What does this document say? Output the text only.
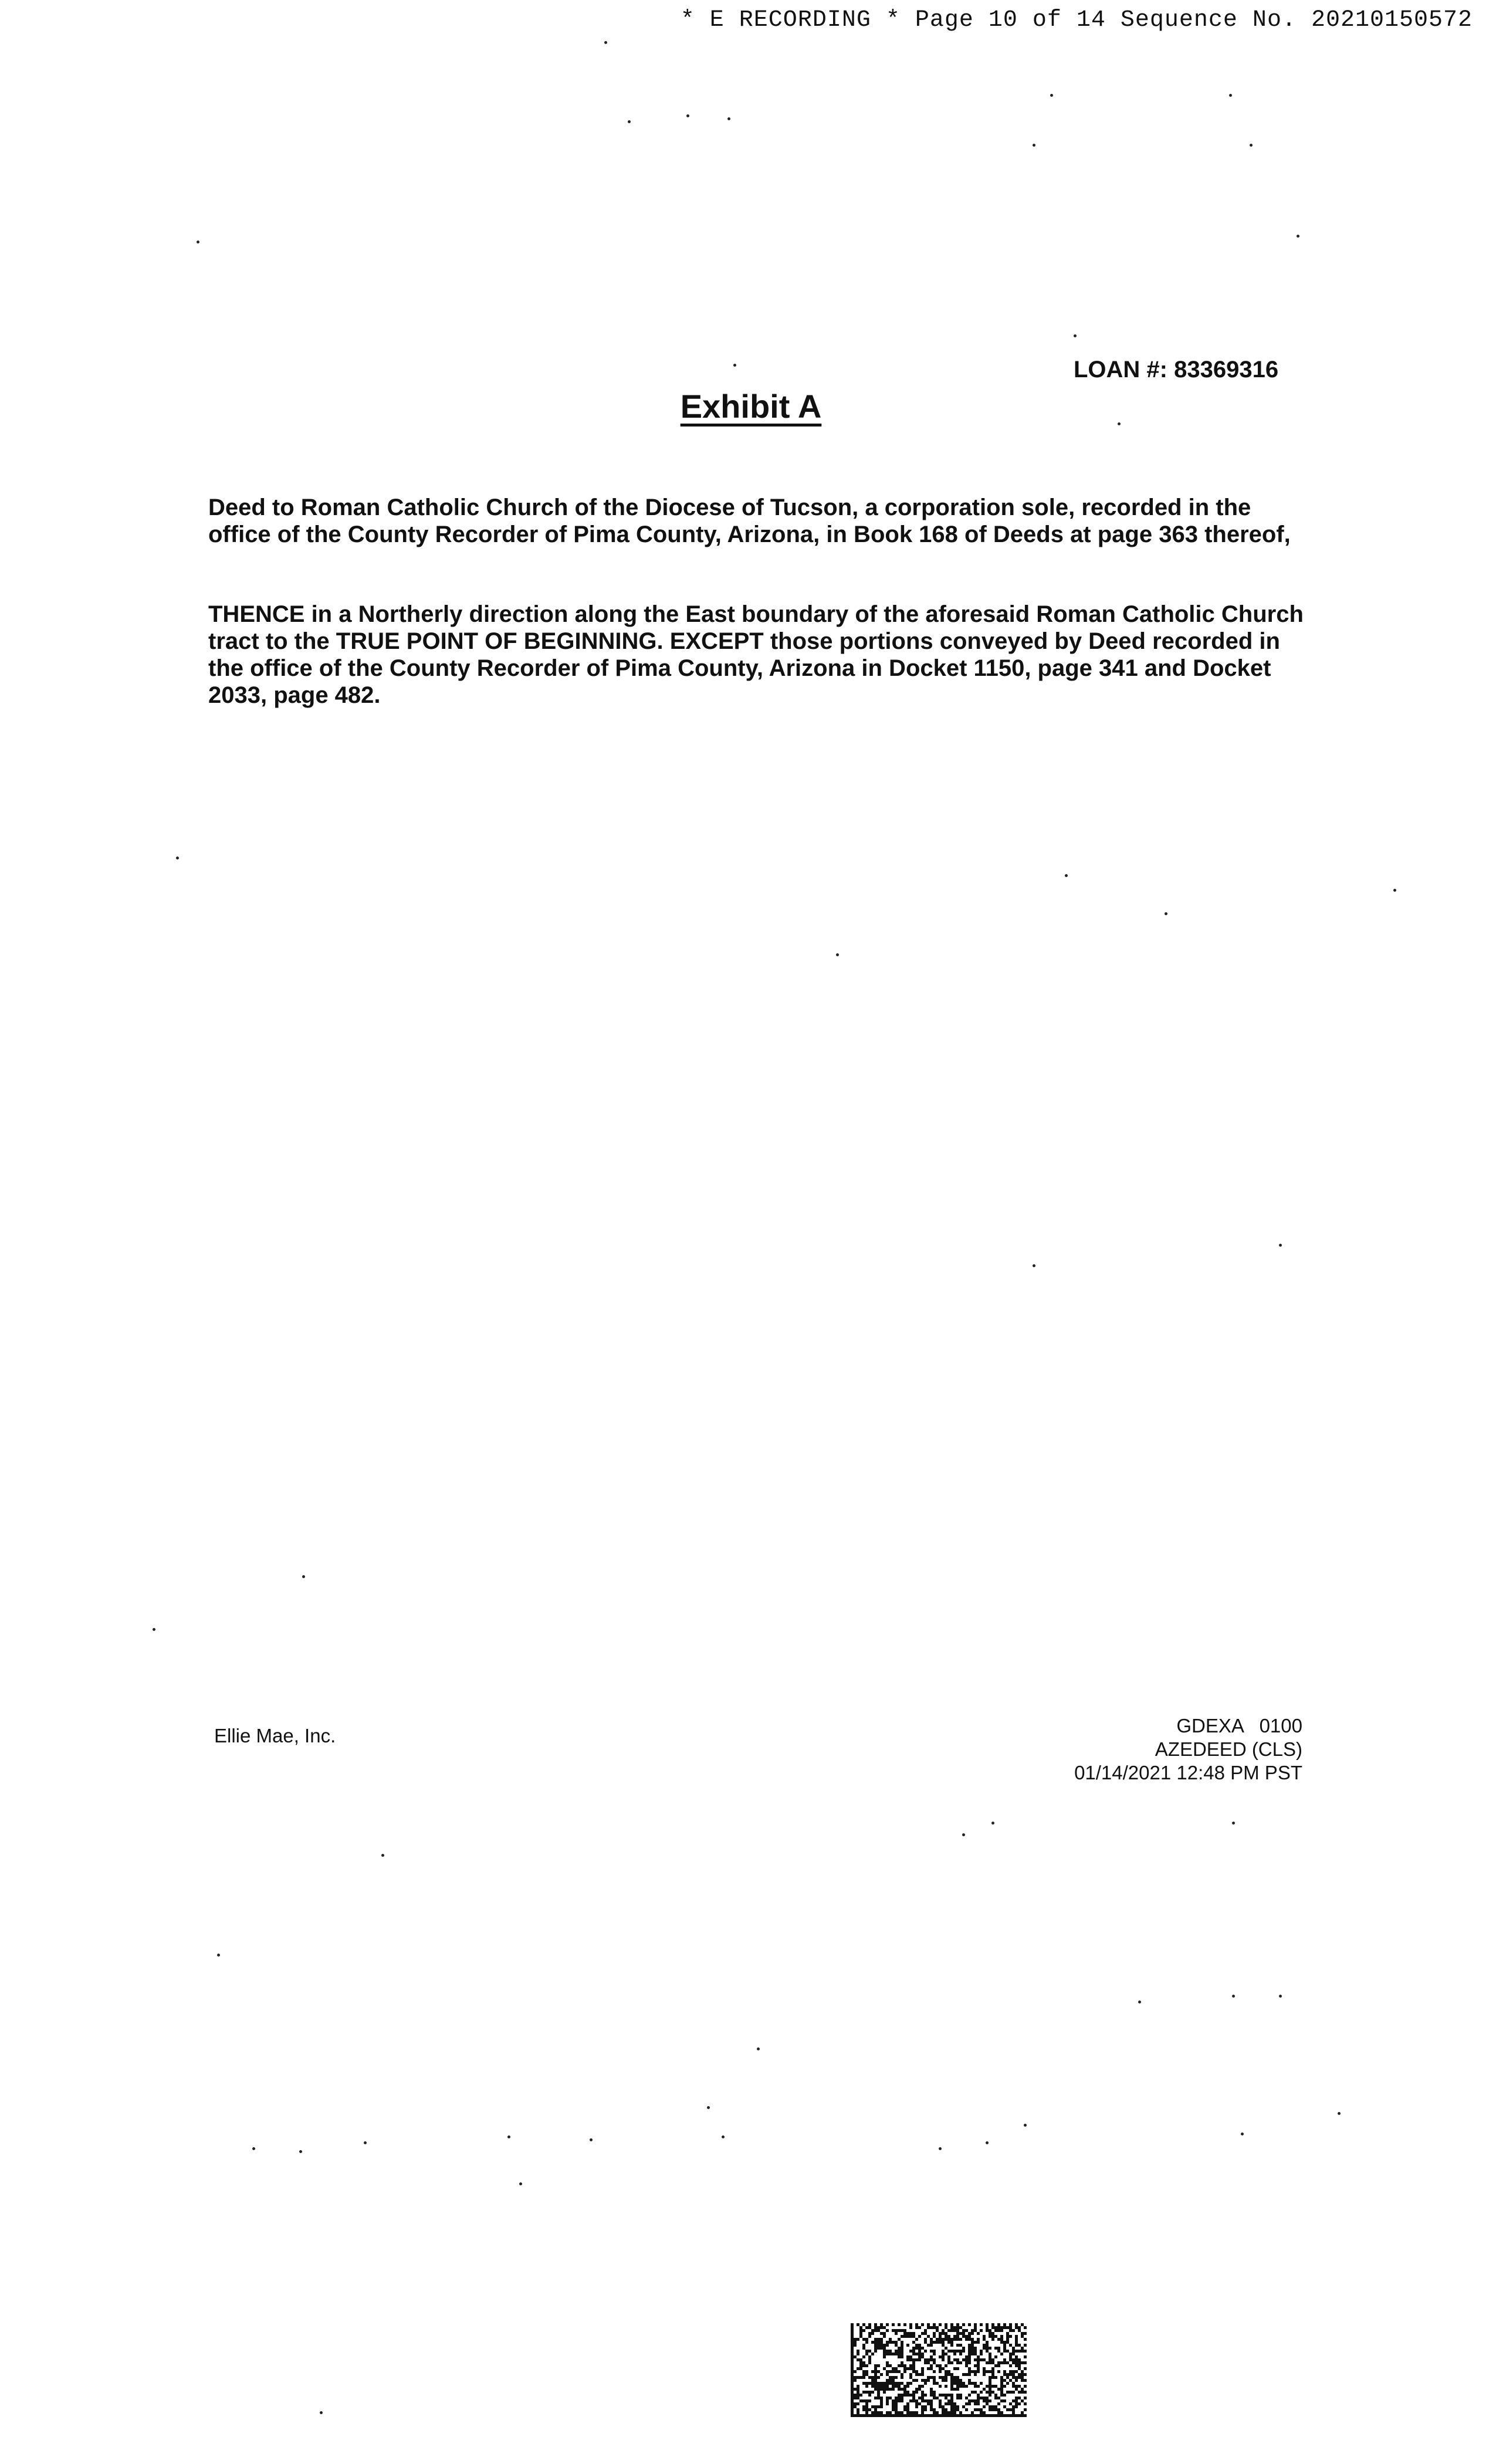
* E RECORDING * Page 10 of 14 Sequence No. 20210150572
LOAN #: 83369316
Exhibit A

Deed to Roman Catholic Church of the Diocese of Tucson, a corporation sole, recorded in the office of the County Recorder of Pima County, Arizona, in Book 168 of Deeds at page 363 thereof,

THENCE in a Northerly direction along the East boundary of the aforesaid Roman Catholic Church tract to the TRUE POINT OF BEGINNING. EXCEPT those portions conveyed by Deed recorded in the office of the County Recorder of Pima County, Arizona in Docket 1150, page 341 and Docket 2033, page 482.

Ellie Mae, Inc.	GDEXA   0100
AZEDEED (CLS)
01/14/2021 12:48 PM PST
